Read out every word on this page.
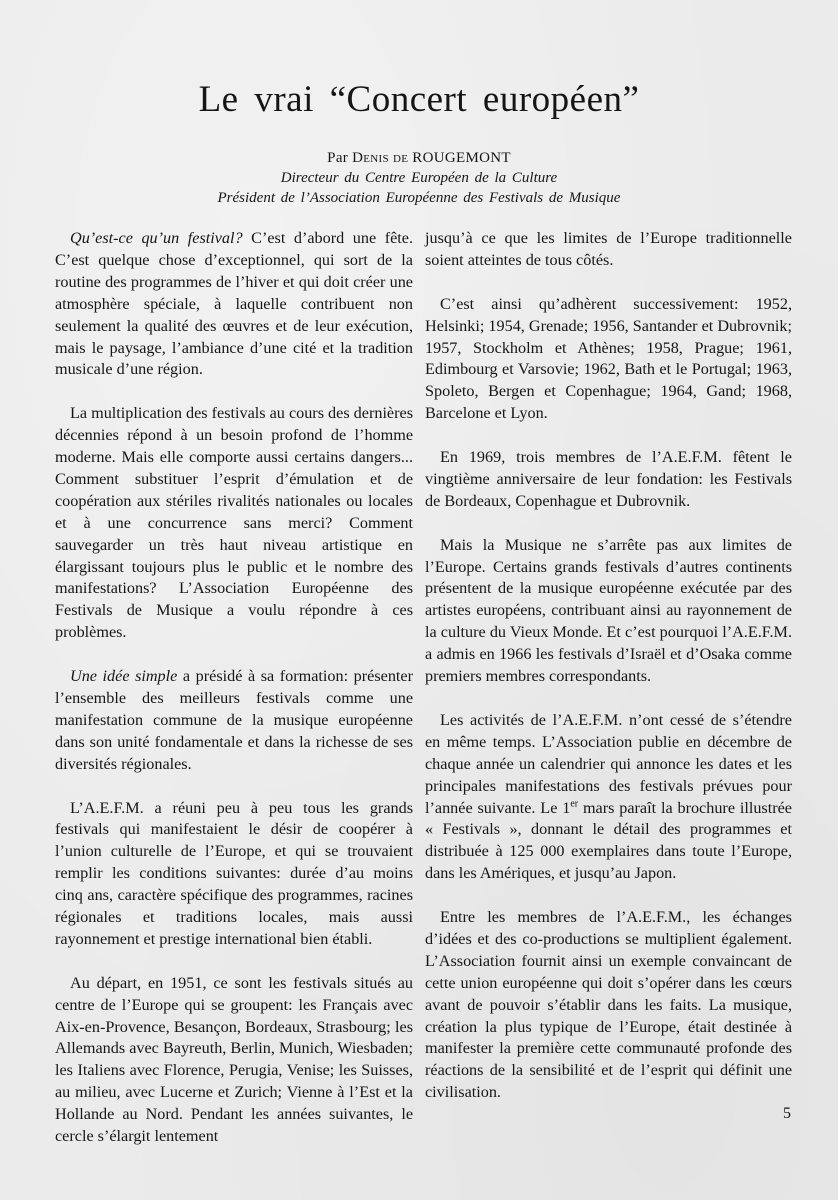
Le vrai “Concert européen”
Par Denis de ROUGEMONT
Directeur du Centre Européen de la Culture
Président de l’Association Européenne des Festivals de Musique

Qu’est-ce qu’un festival? C’est d’abord une fête. C’est quelque chose d’exceptionnel, qui sort de la routine des programmes de l’hiver et qui doit créer une atmosphère spéciale, à laquelle contribuent non seulement la qualité des œuvres et de leur exécution, mais le paysage, l’ambiance d’une cité et la tradition musicale d’une région.

La multiplication des festivals au cours des dernières décennies répond à un besoin profond de l’homme moderne. Mais elle comporte aussi certains dangers... Comment substituer l’esprit d’émulation et de coopération aux stériles rivalités nationales ou locales et à une concurrence sans merci? Comment sauvegarder un très haut niveau artistique en élargissant toujours plus le public et le nombre des manifestations? L’Association Européenne des Festivals de Musique a voulu répondre à ces problèmes.

Une idée simple a présidé à sa formation: présenter l’ensemble des meilleurs festivals comme une manifestation commune de la musique européenne dans son unité fondamentale et dans la richesse de ses diversités régionales.

L’A.E.F.M. a réuni peu à peu tous les grands festivals qui manifestaient le désir de coopérer à l’union culturelle de l’Europe, et qui se trouvaient remplir les conditions suivantes: durée d’au moins cinq ans, caractère spécifique des programmes, racines régionales et traditions locales, mais aussi rayonnement et prestige international bien établi.

Au départ, en 1951, ce sont les festivals situés au centre de l’Europe qui se groupent: les Français avec Aix-en-Provence, Besançon, Bordeaux, Strasbourg; les Allemands avec Bayreuth, Berlin, Munich, Wiesbaden; les Italiens avec Florence, Perugia, Venise; les Suisses, au milieu, avec Lucerne et Zurich; Vienne à l’Est et la Hollande au Nord. Pendant les années suivantes, le cercle s’élargit lentement

jusqu’à ce que les limites de l’Europe traditionnelle soient atteintes de tous côtés.

C’est ainsi qu’adhèrent successivement: 1952, Helsinki; 1954, Grenade; 1956, Santander et Dubrovnik; 1957, Stockholm et Athènes; 1958, Prague; 1961, Edimbourg et Varsovie; 1962, Bath et le Portugal; 1963, Spoleto, Bergen et Copenhague; 1964, Gand; 1968, Barcelone et Lyon.

En 1969, trois membres de l’A.E.F.M. fêtent le vingtième anniversaire de leur fondation: les Festivals de Bordeaux, Copenhague et Dubrovnik.

Mais la Musique ne s’arrête pas aux limites de l’Europe. Certains grands festivals d’autres continents présentent de la musique européenne exécutée par des artistes européens, contribuant ainsi au rayonnement de la culture du Vieux Monde. Et c’est pourquoi l’A.E.F.M. a admis en 1966 les festivals d’Israël et d’Osaka comme premiers membres correspondants.

Les activités de l’A.E.F.M. n’ont cessé de s’étendre en même temps. L’Association publie en décembre de chaque année un calendrier qui annonce les dates et les principales manifestations des festivals prévues pour l’année suivante. Le 1er mars paraît la brochure illustrée « Festivals », donnant le détail des programmes et distribuée à 125 000 exemplaires dans toute l’Europe, dans les Amériques, et jusqu’au Japon.

Entre les membres de l’A.E.F.M., les échanges d’idées et des co-productions se multiplient également. L’Association fournit ainsi un exemple convaincant de cette union européenne qui doit s’opérer dans les cœurs avant de pouvoir s’établir dans les faits. La musique, création la plus typique de l’Europe, était destinée à manifester la première cette communauté profonde des réactions de la sensibilité et de l’esprit qui définit une civilisation.

5
